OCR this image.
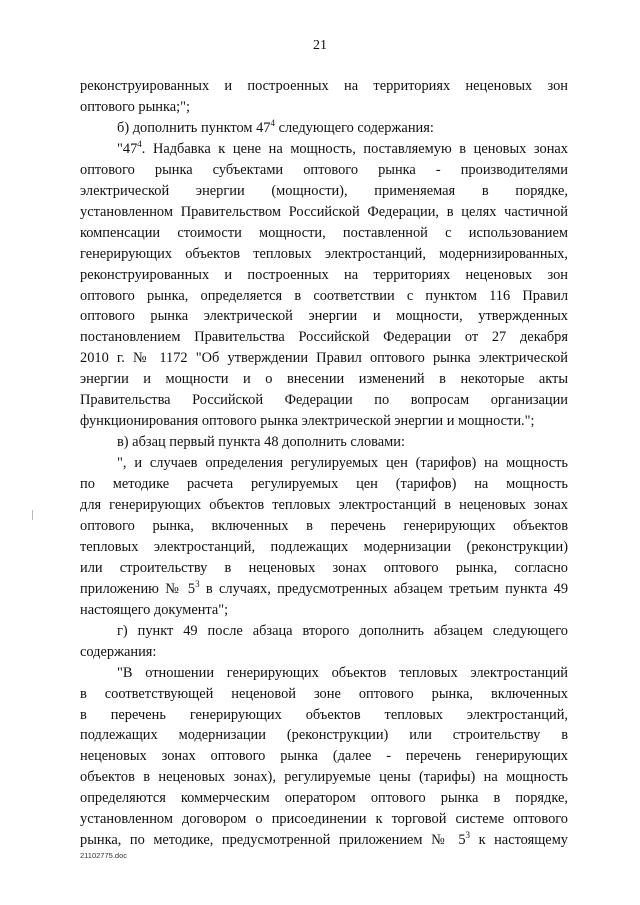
21
реконструированных и построенных на территориях неценовых зон
оптового рынка;";
б) дополнить пунктом $47^4$ следующего содержания:
"$47^4$. Надбавка к цене на мощность, поставляемую в ценовых зонах
оптового рынка субъектами оптового рынка - производителями
электрической энергии (мощности), применяемая в порядке,
установленном Правительством Российской Федерации, в целях частичной
компенсации стоимости мощности, поставленной с использованием
генерирующих объектов тепловых электростанций, модернизированных,
реконструированных и построенных на территориях неценовых зон
оптового рынка, определяется в соответствии с пунктом 116 Правил
оптового рынка электрической энергии и мощности, утвержденных
постановлением Правительства Российской Федерации от 27 декабря
2010 г. № 1172 "Об утверждении Правил оптового рынка электрической
энергии и мощности и о внесении изменений в некоторые акты
Правительства Российской Федерации по вопросам организации
функционирования оптового рынка электрической энергии и мощности.";
в) абзац первый пункта 48 дополнить словами:
", и случаев определения регулируемых цен (тарифов) на мощность
по методике расчета регулируемых цен (тарифов) на мощность
для генерирующих объектов тепловых электростанций в неценовых зонах
оптового рынка, включенных в перечень генерирующих объектов
тепловых электростанций, подлежащих модернизации (реконструкции)
или строительству в неценовых зонах оптового рынка, согласно
приложению № $5^3$ в случаях, предусмотренных абзацем третьим пункта 49
настоящего документа";
г) пункт 49 после абзаца второго дополнить абзацем следующего
содержания:
"В отношении генерирующих объектов тепловых электростанций
в соответствующей неценовой зоне оптового рынка, включенных
в перечень генерирующих объектов тепловых электростанций,
подлежащих модернизации (реконструкции) или строительству в
неценовых зонах оптового рынка (далее - перечень генерирующих
объектов в неценовых зонах), регулируемые цены (тарифы) на мощность
определяются коммерческим оператором оптового рынка в порядке,
установленном договором о присоединении к торговой системе оптового
рынка, по методике, предусмотренной приложением № $5^3$ к настоящему
21102775.doc
